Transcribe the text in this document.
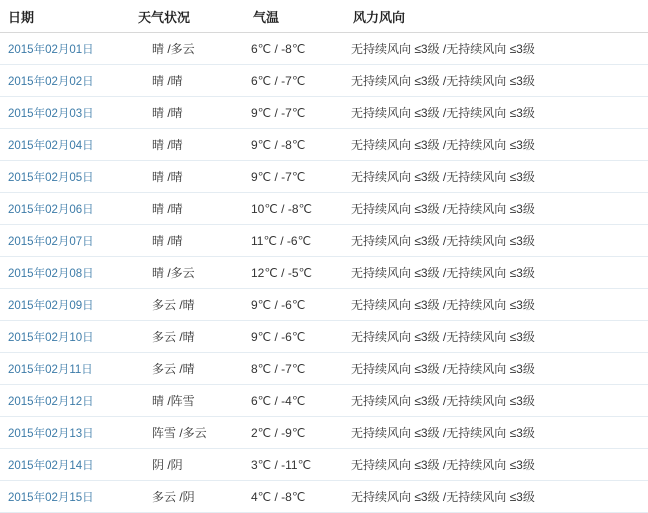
日期	天气状况	气温	风力风向
2015年02月01日	晴 /多云	6℃ / -8℃	无持续风向 ≤3级 /无持续风向 ≤3级
2015年02月02日	晴 /晴	6℃ / -7℃	无持续风向 ≤3级 /无持续风向 ≤3级
2015年02月03日	晴 /晴	9℃ / -7℃	无持续风向 ≤3级 /无持续风向 ≤3级
2015年02月04日	晴 /晴	9℃ / -8℃	无持续风向 ≤3级 /无持续风向 ≤3级
2015年02月05日	晴 /晴	9℃ / -7℃	无持续风向 ≤3级 /无持续风向 ≤3级
2015年02月06日	晴 /晴	10℃ / -8℃	无持续风向 ≤3级 /无持续风向 ≤3级
2015年02月07日	晴 /晴	11℃ / -6℃	无持续风向 ≤3级 /无持续风向 ≤3级
2015年02月08日	晴 /多云	12℃ / -5℃	无持续风向 ≤3级 /无持续风向 ≤3级
2015年02月09日	多云 /晴	9℃ / -6℃	无持续风向 ≤3级 /无持续风向 ≤3级
2015年02月10日	多云 /晴	9℃ / -6℃	无持续风向 ≤3级 /无持续风向 ≤3级
2015年02月11日	多云 /晴	8℃ / -7℃	无持续风向 ≤3级 /无持续风向 ≤3级
2015年02月12日	晴 /阵雪	6℃ / -4℃	无持续风向 ≤3级 /无持续风向 ≤3级
2015年02月13日	阵雪 /多云	2℃ / -9℃	无持续风向 ≤3级 /无持续风向 ≤3级
2015年02月14日	阴 /阴	3℃ / -11℃	无持续风向 ≤3级 /无持续风向 ≤3级
2015年02月15日	多云 /阴	4℃ / -8℃	无持续风向 ≤3级 /无持续风向 ≤3级
